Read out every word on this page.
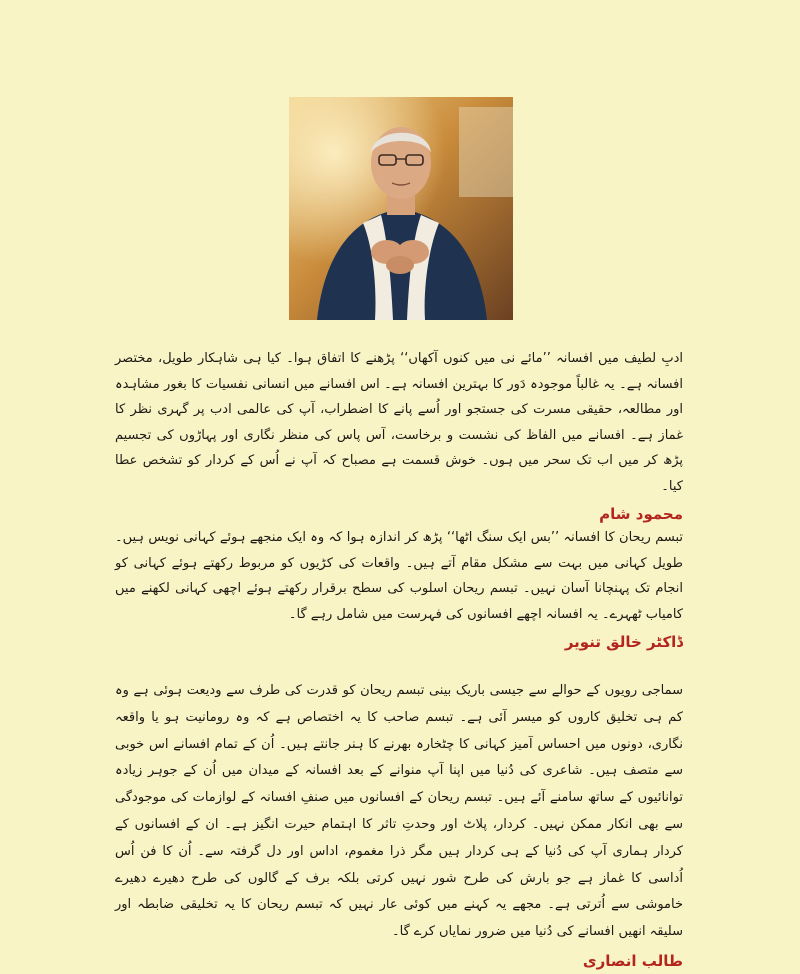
ادبِ لطیف میں افسانہ ’’مائے نی میں کنوں آکھاں‘‘ پڑھنے کا اتفاق ہوا۔ کیا ہی شاہکار طویل، مختصر افسانہ ہے۔ یہ غالباً موجودہ دَور کا بہترین افسانہ ہے۔ اس افسانے میں انسانی نفسیات کا بغور مشاہدہ اور مطالعہ، حقیقی مسرت کی جستجو اور اُسے پانے کا اضطراب، آپ کی عالمی ادب پر گہری نظر کا غماز ہے۔ افسانے میں الفاظ کی نشست و برخاست، آس پاس کی منظر نگاری اور پہاڑوں کی تجسیم پڑھ کر میں اب تک سحر میں ہوں۔ خوش قسمت ہے مصباح کہ آپ نے اُس کے کردار کو تشخص عطا کیا۔

محمود شام

تبسم ریحان کا افسانہ ’’بس ایک سنگ اٹھا‘‘ پڑھ کر اندازہ ہوا کہ وہ ایک منجھے ہوئے کہانی نویس ہیں۔ طویل کہانی میں بہت سے مشکل مقام آتے ہیں۔ واقعات کی کڑیوں کو مربوط رکھتے ہوئے کہانی کو انجام تک پہنچانا آسان نہیں۔ تبسم ریحان اسلوب کی سطح برقرار رکھتے ہوئے اچھی کہانی لکھنے میں کامیاب ٹھہرے۔ یہ افسانہ اچھے افسانوں کی فہرست میں شامل رہے گا۔

ڈاکٹر خالق تنویر

سماجی رویوں کے حوالے سے جیسی باریک بینی تبسم ریحان کو قدرت کی طرف سے ودیعت ہوئی ہے وہ کم ہی تخلیق کاروں کو میسر آئی ہے۔ تبسم صاحب کا یہ اختصاص ہے کہ وہ رومانیت ہو یا واقعہ نگاری، دونوں میں احساس آمیز کہانی کا چٹخارہ بھرنے کا ہنر جانتے ہیں۔ اُن کے تمام افسانے اس خوبی سے متصف ہیں۔ شاعری کی دُنیا میں اپنا آپ منوانے کے بعد افسانہ کے میدان میں اُن کے جوہر زیادہ توانائیوں کے ساتھ سامنے آئے ہیں۔ تبسم ریحان کے افسانوں میں صنفِ افسانہ کے لوازمات کی موجودگی سے بھی انکار ممکن نہیں۔ کردار، پلاٹ اور وحدتِ تاثر کا اہتمام حیرت انگیز ہے۔ ان کے افسانوں کے کردار ہماری آپ کی دُنیا کے ہی کردار ہیں مگر ذرا مغموم، اداس اور دل گرفتہ سے۔ اُن کا فن اُس اُداسی کا غماز ہے جو بارش کی طرح شور نہیں کرتی بلکہ برف کے گالوں کی طرح دھیرے دھیرے خاموشی سے اُترتی ہے۔ مجھے یہ کہنے میں کوئی عار نہیں کہ تبسم ریحان کا یہ تخلیقی ضابطہ اور سلیقہ انھیں افسانے کی دُنیا میں ضرور نمایاں کرے گا۔

طالب انصاری
